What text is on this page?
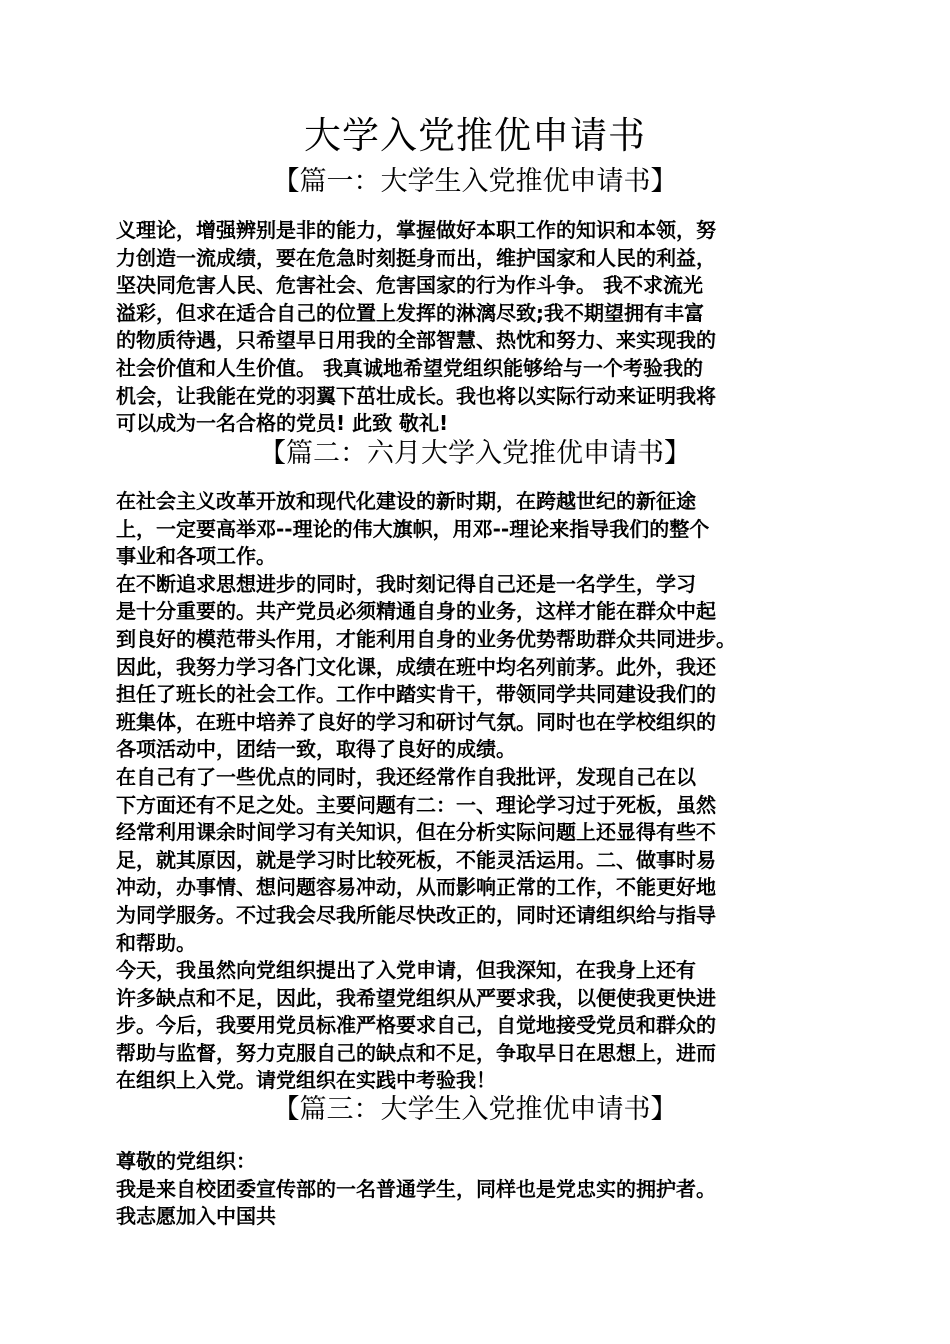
大学入党推优申请书
【篇一：大学生入党推优申请书】
义理论，增强辨别是非的能力，掌握做好本职工作的知识和本领，努
力创造一流成绩，要在危急时刻挺身而出，维护国家和人民的利益，
坚决同危害人民、危害社会、危害国家的行为作斗争。 我不求流光
溢彩，但求在适合自己的位置上发挥的淋漓尽致;我不期望拥有丰富
的物质待遇，只希望早日用我的全部智慧、热忱和努力、来实现我的
社会价值和人生价值。 我真诚地希望党组织能够给与一个考验我的
机会，让我能在党的羽翼下茁壮成长。我也将以实际行动来证明我将
可以成为一名合格的党员! 此致 敬礼!
【篇二：六月大学入党推优申请书】
在社会主义改革开放和现代化建设的新时期，在跨越世纪的新征途
上，一定要高举邓--理论的伟大旗帜，用邓--理论来指导我们的整个
事业和各项工作。
在不断追求思想进步的同时，我时刻记得自己还是一名学生，学习
是十分重要的。共产党员必须精通自身的业务，这样才能在群众中起
到良好的模范带头作用，才能利用自身的业务优势帮助群众共同进步。
因此，我努力学习各门文化课，成绩在班中均名列前茅。此外，我还
担任了班长的社会工作。工作中踏实肯干，带领同学共同建设我们的
班集体，在班中培养了良好的学习和研讨气氛。同时也在学校组织的
各项活动中，团结一致，取得了良好的成绩。
在自己有了一些优点的同时，我还经常作自我批评，发现自己在以
下方面还有不足之处。主要问题有二：一、理论学习过于死板，虽然
经常利用课余时间学习有关知识，但在分析实际问题上还显得有些不
足，就其原因，就是学习时比较死板，不能灵活运用。二、做事时易
冲动，办事情、想问题容易冲动，从而影响正常的工作，不能更好地
为同学服务。不过我会尽我所能尽快改正的，同时还请组织给与指导
和帮助。
今天，我虽然向党组织提出了入党申请，但我深知，在我身上还有
许多缺点和不足，因此，我希望党组织从严要求我，以便使我更快进
步。今后，我要用党员标准严格要求自己，自觉地接受党员和群众的
帮助与监督，努力克服自己的缺点和不足，争取早日在思想上，进而
在组织上入党。请党组织在实践中考验我！
【篇三：大学生入党推优申请书】
尊敬的党组织：
我是来自校团委宣传部的一名普通学生，同样也是党忠实的拥护者。
我志愿加入中国共
